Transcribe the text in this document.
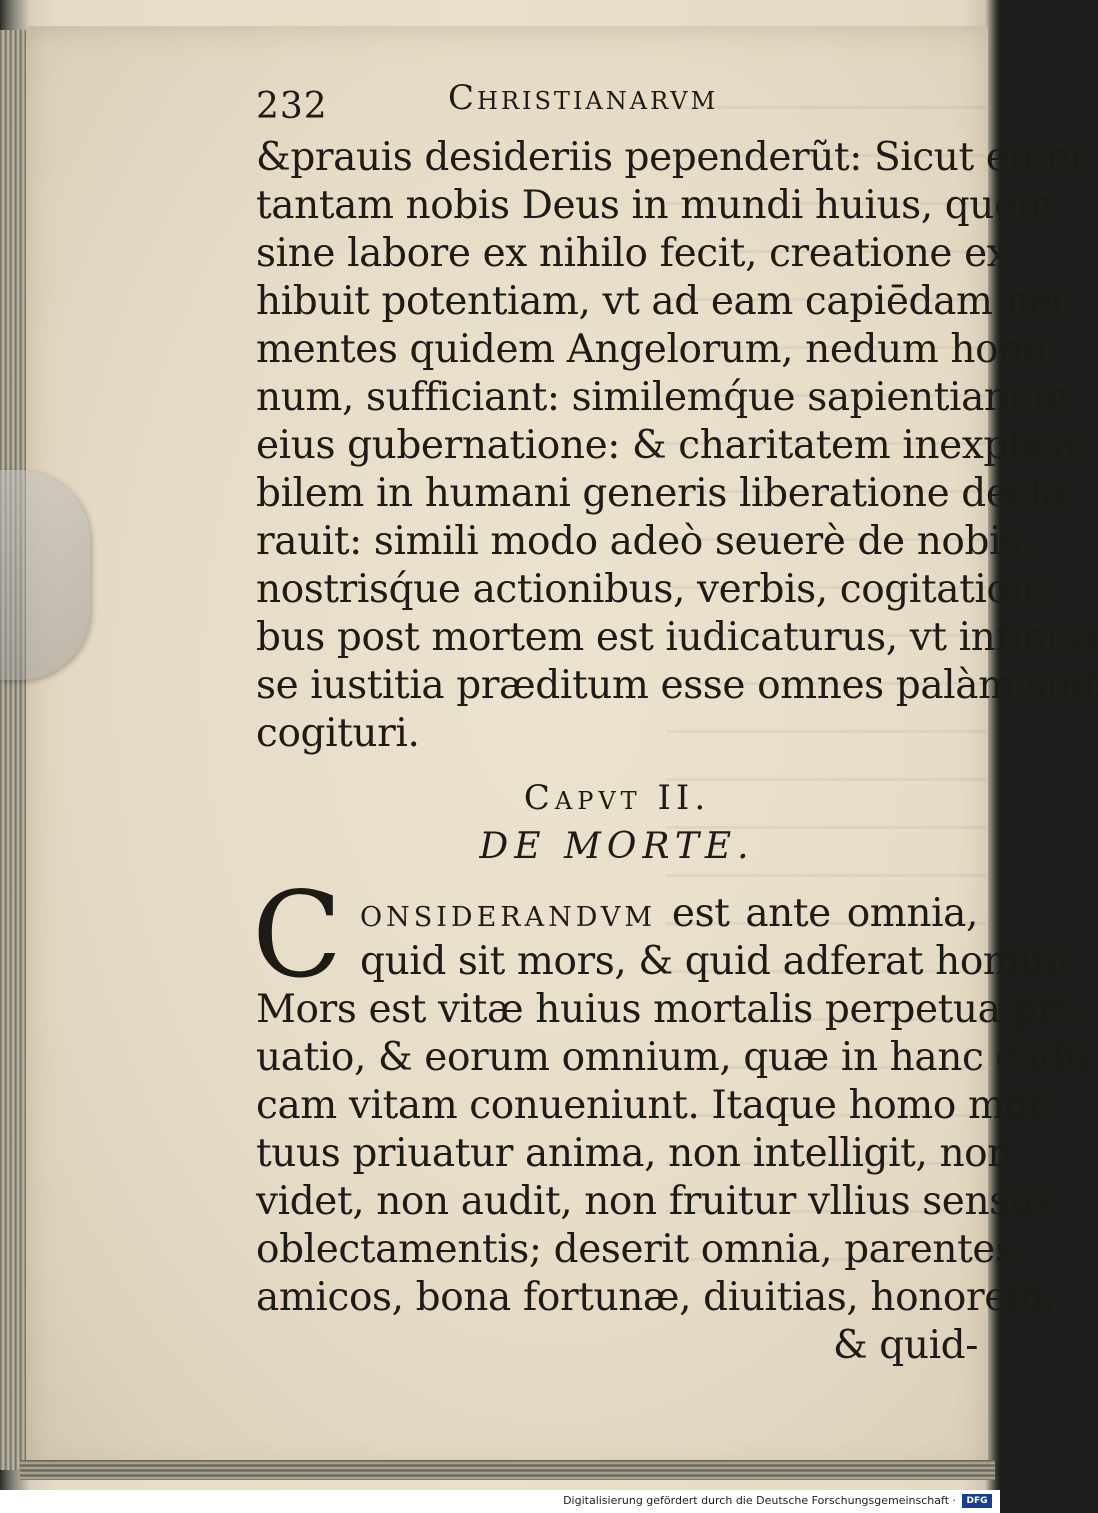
232	Christianarvm
&prauis desideriis pependerũt: Sicut enim
tantam nobis Deus in mundi huius, quem
sine labore ex nihilo fecit, creatione ex-
hibuit potentiam, vt ad eam capiēdam nec
mentes quidem Angelorum, nedum homi-
num, sufficiant: similemq́ue sapientiam in
eius gubernatione: & charitatem inexplica-
bilem in humani generis liberatione decla-
rauit: simili modo adeò seuerè de nobis,
nostrisq́ue actionibus, verbis, cogitationi-
bus post mortem est iudicaturus, vt infinita
se iustitia præditum esse omnes palàm sint
cogituri.
Capvt II.
DE MORTE.
C onsiderandvm est ante omnia,
quid sit mors, & quid adferat homini.
Mors est vitæ huius mortalis perpetua pri-
uatio, & eorum omnium, quæ in hanc cadu
cam vitam conueniunt. Itaque homo mor-
tuus priuatur anima, non intelligit, non
videt, non audit, non fruitur vllius sensus
oblectamentis; deserit omnia, parentes,
amicos, bona fortunæ, diuitias, honorem,
& quid-
Digitalisierung gefördert durch die Deutsche Forschungsgemeinschaft ·	DFG
